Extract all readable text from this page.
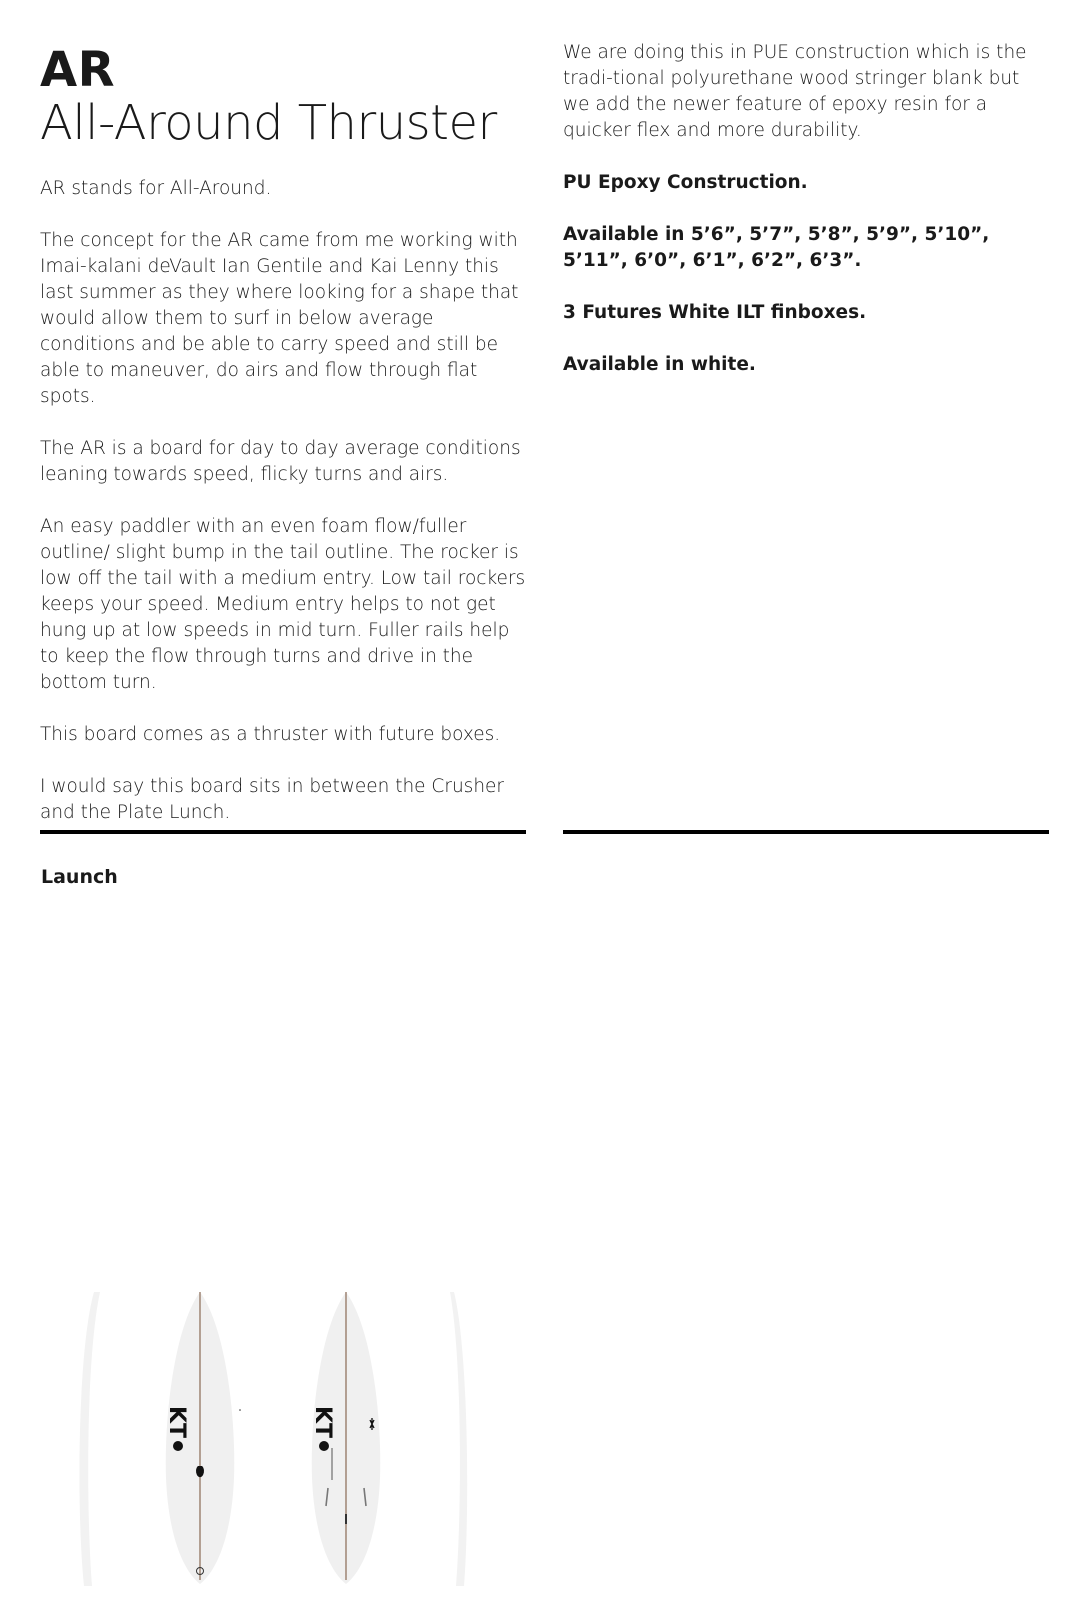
AR
All-Around Thruster

AR stands for All-Around.

The concept for the AR came from me working with Imai-kalani deVault Ian Gentile and Kai Lenny this last summer as they where looking for a shape that would allow them to surf in below average conditions and be able to carry speed and still be able to maneuver, do airs and flow through flat spots.

The AR is a board for day to day average conditions leaning towards speed, flicky turns and airs.

An easy paddler with an even foam flow/fuller outline/ slight bump in the tail outline. The rocker is low off the tail with a medium entry. Low tail rockers keeps your speed. Medium entry helps to not get hung up at low speeds in mid turn. Fuller rails help to keep the flow through turns and drive in the bottom turn.

This board comes as a thruster with future boxes.

I would say this board sits in between the Crusher and the Plate Lunch.

We are doing this in PUE construction which is the tradi-tional polyurethane wood stringer blank but we add the newer feature of epoxy resin for a quicker flex and more durability.

PU Epoxy Construction.

Available in 5’6”, 5’7”, 5’8”, 5’9”, 5’10”, 5’11”, 6’0”, 6’1”, 6’2”, 6’3”.

3 Futures White ILT finboxes.

Available in white.

Launch
KT	KT
